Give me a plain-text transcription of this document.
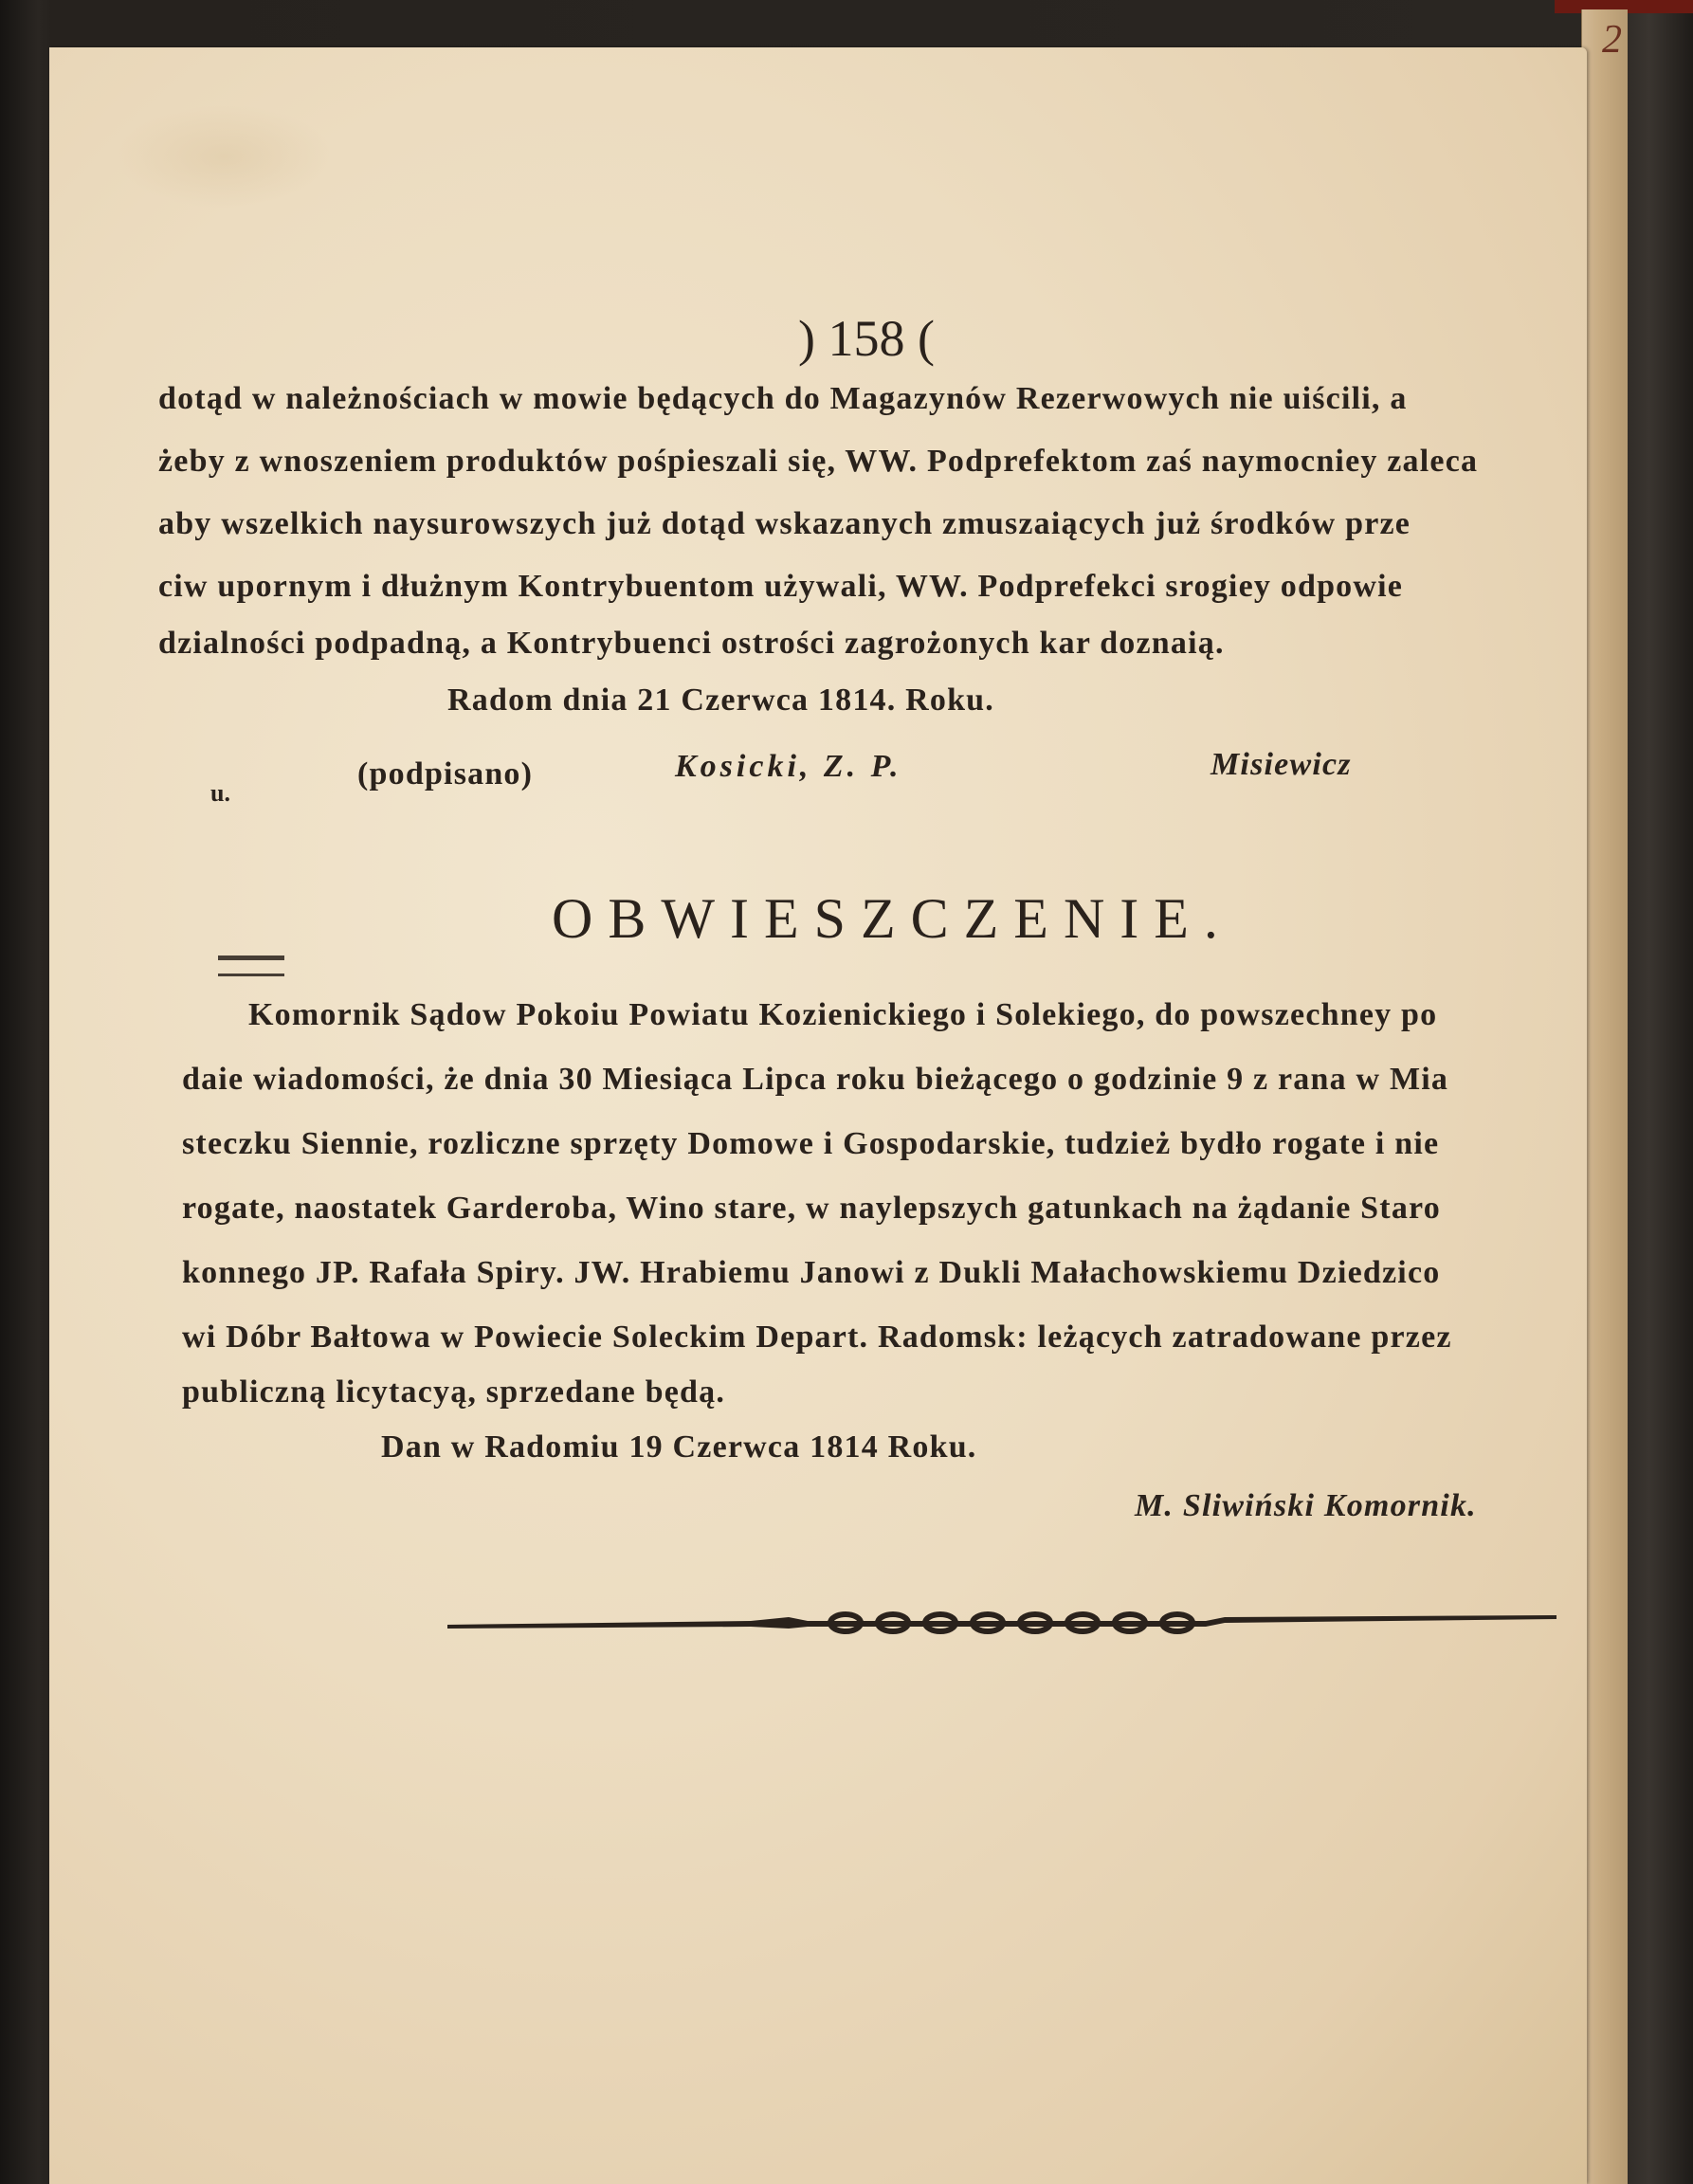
2

) 158 (

dotąd w należnościach w mowie będących do Magazynów Rezerwowych nie uiścili, a

żeby z wnoszeniem produktów pośpieszali się, WW. Podprefektom zaś naymocniey zaleca

aby wszelkich naysurowszych już dotąd wskazanych zmuszaiących już środków prze

ciw upornym i dłużnym Kontrybuentom używali, WW. Podprefekci srogiey odpowie

dzialności podpadną, a Kontrybuenci ostrości zagrożonych kar doznaią.

Radom dnia 21 Czerwca 1814. Roku.

u.

(podpisano)	Kosicki, Z. P.	Misiewicz

OBWIESZCZENIE.

Komornik Sądow Pokoiu Powiatu Kozienickiego i Solekiego, do powszechney po

daie wiadomości, że dnia 30 Miesiąca Lipca roku bieżącego o godzinie 9 z rana w Mia

steczku Siennie, rozliczne sprzęty Domowe i Gospodarskie, tudzież bydło rogate i nie

rogate, naostatek Garderoba, Wino stare, w naylepszych gatunkach na żądanie Staro

konnego JP. Rafała Spiry. JW. Hrabiemu Janowi z Dukli Małachowskiemu Dziedzico

wi Dóbr Bałtowa w Powiecie Soleckim Depart. Radomsk: leżących zatradowane przez

publiczną licytacyą, sprzedane będą.

Dan w Radomiu 19 Czerwca 1814 Roku.

M. Sliwiński Komornik.
